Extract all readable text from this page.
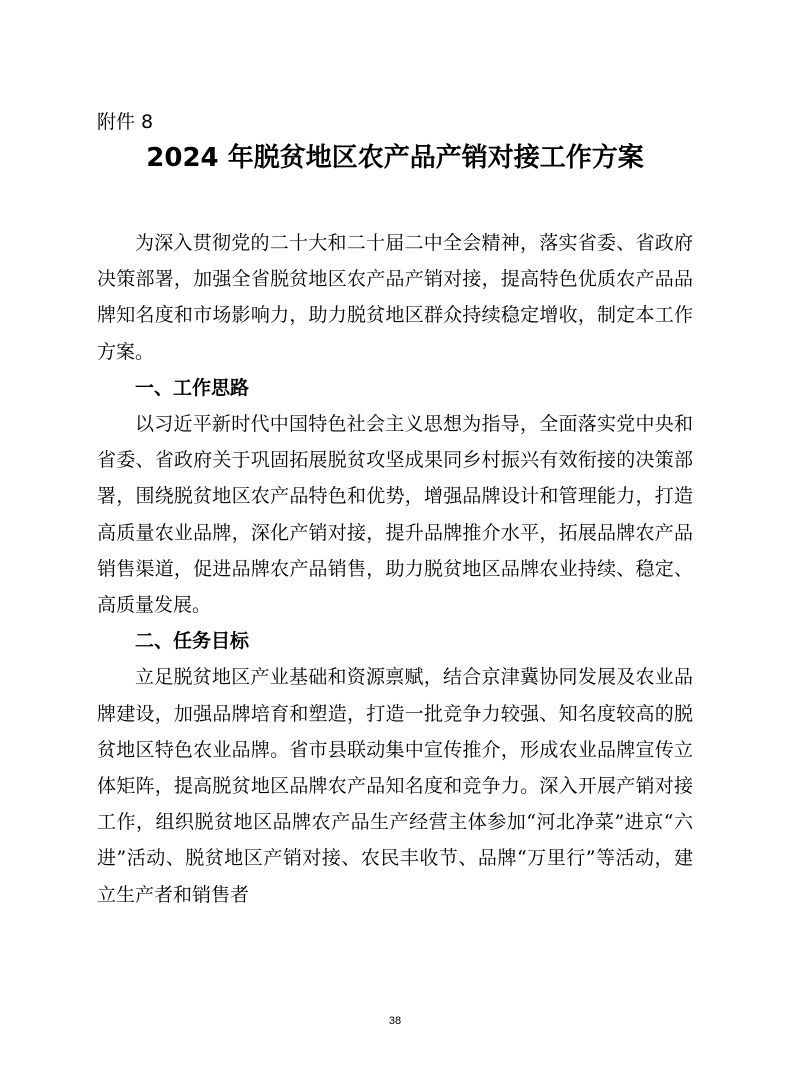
附件 8
2024 年脱贫地区农产品产销对接工作方案

为深入贯彻党的二十大和二十届二中全会精神，落实省委、省政府决策部署，加强全省脱贫地区农产品产销对接，提高特色优质农产品品牌知名度和市场影响力，助力脱贫地区群众持续稳定增收，制定本工作方案。

一、工作思路

以习近平新时代中国特色社会主义思想为指导，全面落实党中央和省委、省政府关于巩固拓展脱贫攻坚成果同乡村振兴有效衔接的决策部署，围绕脱贫地区农产品特色和优势，增强品牌设计和管理能力，打造高质量农业品牌，深化产销对接，提升品牌推介水平，拓展品牌农产品销售渠道，促进品牌农产品销售，助力脱贫地区品牌农业持续、稳定、高质量发展。

二、任务目标

立足脱贫地区产业基础和资源禀赋，结合京津冀协同发展及农业品牌建设，加强品牌培育和塑造，打造一批竞争力较强、知名度较高的脱贫地区特色农业品牌。省市县联动集中宣传推介，形成农业品牌宣传立体矩阵，提高脱贫地区品牌农产品知名度和竞争力。深入开展产销对接工作，组织脱贫地区品牌农产品生产经营主体参加“河北净菜”进京“六进”活动、脱贫地区产销对接、农民丰收节、品牌“万里行”等活动，建立生产者和销售者

38
